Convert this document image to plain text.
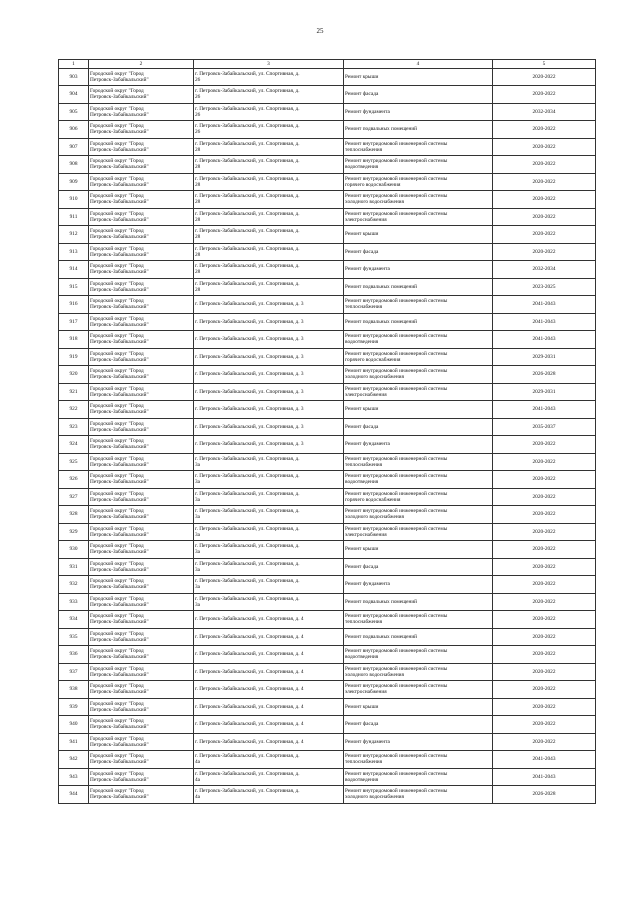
25
1	2	3	4	5
903	Городской округ "Город
Петровск-Забайкальский"	г. Петровск-Забайкальский, ул. Спортивная, д.
26	Ремонт крыши	2020-2022
904	Городской округ "Город
Петровск-Забайкальский"	г. Петровск-Забайкальский, ул. Спортивная, д.
26	Ремонт фасада	2020-2022
905	Городской округ "Город
Петровск-Забайкальский"	г. Петровск-Забайкальский, ул. Спортивная, д.
26	Ремонт фундамента	2032-2034
906	Городской округ "Город
Петровск-Забайкальский"	г. Петровск-Забайкальский, ул. Спортивная, д.
26	Ремонт подвальных помещений	2020-2022
907	Городской округ "Город
Петровск-Забайкальский"	г. Петровск-Забайкальский, ул. Спортивная, д.
28	Ремонт внутридомовой инженерной системы
теплоснабжения	2020-2022
908	Городской округ "Город
Петровск-Забайкальский"	г. Петровск-Забайкальский, ул. Спортивная, д.
28	Ремонт внутридомовой инженерной системы
водоотведения	2020-2022
909	Городской округ "Город
Петровск-Забайкальский"	г. Петровск-Забайкальский, ул. Спортивная, д.
28	Ремонт внутридомовой инженерной системы
горячего водоснабжения	2020-2022
910	Городской округ "Город
Петровск-Забайкальский"	г. Петровск-Забайкальский, ул. Спортивная, д.
28	Ремонт внутридомовой инженерной системы
холодного водоснабжения	2020-2022
911	Городской округ "Город
Петровск-Забайкальский"	г. Петровск-Забайкальский, ул. Спортивная, д.
28	Ремонт внутридомовой инженерной системы
электроснабжения	2020-2022
912	Городской округ "Город
Петровск-Забайкальский"	г. Петровск-Забайкальский, ул. Спортивная, д.
28	Ремонт крыши	2020-2022
913	Городской округ "Город
Петровск-Забайкальский"	г. Петровск-Забайкальский, ул. Спортивная, д.
28	Ремонт фасада	2020-2022
914	Городской округ "Город
Петровск-Забайкальский"	г. Петровск-Забайкальский, ул. Спортивная, д.
28	Ремонт фундамента	2032-2034
915	Городской округ "Город
Петровск-Забайкальский"	г. Петровск-Забайкальский, ул. Спортивная, д.
28	Ремонт подвальных помещений	2023-2025
916	Городской округ "Город
Петровск-Забайкальский"	г. Петровск-Забайкальский, ул. Спортивная, д. 3	Ремонт внутридомовой инженерной системы
теплоснабжения	2041-2043
917	Городской округ "Город
Петровск-Забайкальский"	г. Петровск-Забайкальский, ул. Спортивная, д. 3	Ремонт подвальных помещений	2041-2043
918	Городской округ "Город
Петровск-Забайкальский"	г. Петровск-Забайкальский, ул. Спортивная, д. 3	Ремонт внутридомовой инженерной системы
водоотведения	2041-2043
919	Городской округ "Город
Петровск-Забайкальский"	г. Петровск-Забайкальский, ул. Спортивная, д. 3	Ремонт внутридомовой инженерной системы
горячего водоснабжения	2029-2031
920	Городской округ "Город
Петровск-Забайкальский"	г. Петровск-Забайкальский, ул. Спортивная, д. 3	Ремонт внутридомовой инженерной системы
холодного водоснабжения	2026-2028
921	Городской округ "Город
Петровск-Забайкальский"	г. Петровск-Забайкальский, ул. Спортивная, д. 3	Ремонт внутридомовой инженерной системы
электроснабжения	2029-2031
922	Городской округ "Город
Петровск-Забайкальский"	г. Петровск-Забайкальский, ул. Спортивная, д. 3	Ремонт крыши	2041-2043
923	Городской округ "Город
Петровск-Забайкальский"	г. Петровск-Забайкальский, ул. Спортивная, д. 3	Ремонт фасада	2035-2037
924	Городской округ "Город
Петровск-Забайкальский"	г. Петровск-Забайкальский, ул. Спортивная, д. 3	Ремонт фундамента	2020-2022
925	Городской округ "Город
Петровск-Забайкальский"	г. Петровск-Забайкальский, ул. Спортивная, д.
3а	Ремонт внутридомовой инженерной системы
теплоснабжения	2020-2022
926	Городской округ "Город
Петровск-Забайкальский"	г. Петровск-Забайкальский, ул. Спортивная, д.
3а	Ремонт внутридомовой инженерной системы
водоотведения	2020-2022
927	Городской округ "Город
Петровск-Забайкальский"	г. Петровск-Забайкальский, ул. Спортивная, д.
3а	Ремонт внутридомовой инженерной системы
горячего водоснабжения	2020-2022
928	Городской округ "Город
Петровск-Забайкальский"	г. Петровск-Забайкальский, ул. Спортивная, д.
3а	Ремонт внутридомовой инженерной системы
холодного водоснабжения	2020-2022
929	Городской округ "Город
Петровск-Забайкальский"	г. Петровск-Забайкальский, ул. Спортивная, д.
3а	Ремонт внутридомовой инженерной системы
электроснабжения	2020-2022
930	Городской округ "Город
Петровск-Забайкальский"	г. Петровск-Забайкальский, ул. Спортивная, д.
3а	Ремонт крыши	2020-2022
931	Городской округ "Город
Петровск-Забайкальский"	г. Петровск-Забайкальский, ул. Спортивная, д.
3а	Ремонт фасада	2020-2022
932	Городской округ "Город
Петровск-Забайкальский"	г. Петровск-Забайкальский, ул. Спортивная, д.
3а	Ремонт фундамента	2020-2022
933	Городской округ "Город
Петровск-Забайкальский"	г. Петровск-Забайкальский, ул. Спортивная, д.
3а	Ремонт подвальных помещений	2020-2022
934	Городской округ "Город
Петровск-Забайкальский"	г. Петровск-Забайкальский, ул. Спортивная, д. 4	Ремонт внутридомовой инженерной системы
теплоснабжения	2020-2022
935	Городской округ "Город
Петровск-Забайкальский"	г. Петровск-Забайкальский, ул. Спортивная, д. 4	Ремонт подвальных помещений	2020-2022
936	Городской округ "Город
Петровск-Забайкальский"	г. Петровск-Забайкальский, ул. Спортивная, д. 4	Ремонт внутридомовой инженерной системы
водоотведения	2020-2022
937	Городской округ "Город
Петровск-Забайкальский"	г. Петровск-Забайкальский, ул. Спортивная, д. 4	Ремонт внутридомовой инженерной системы
холодного водоснабжения	2020-2022
938	Городской округ "Город
Петровск-Забайкальский"	г. Петровск-Забайкальский, ул. Спортивная, д. 4	Ремонт внутридомовой инженерной системы
электроснабжения	2020-2022
939	Городской округ "Город
Петровск-Забайкальский"	г. Петровск-Забайкальский, ул. Спортивная, д. 4	Ремонт крыши	2020-2022
940	Городской округ "Город
Петровск-Забайкальский"	г. Петровск-Забайкальский, ул. Спортивная, д. 4	Ремонт фасада	2020-2022
941	Городской округ "Город
Петровск-Забайкальский"	г. Петровск-Забайкальский, ул. Спортивная, д. 4	Ремонт фундамента	2020-2022
942	Городской округ "Город
Петровск-Забайкальский"	г. Петровск-Забайкальский, ул. Спортивная, д.
4а	Ремонт внутридомовой инженерной системы
теплоснабжения	2041-2043
943	Городской округ "Город
Петровск-Забайкальский"	г. Петровск-Забайкальский, ул. Спортивная, д.
4а	Ремонт внутридомовой инженерной системы
водоотведения	2041-2043
944	Городской округ "Город
Петровск-Забайкальский"	г. Петровск-Забайкальский, ул. Спортивная, д.
4а	Ремонт внутридомовой инженерной системы
холодного водоснабжения	2026-2028
